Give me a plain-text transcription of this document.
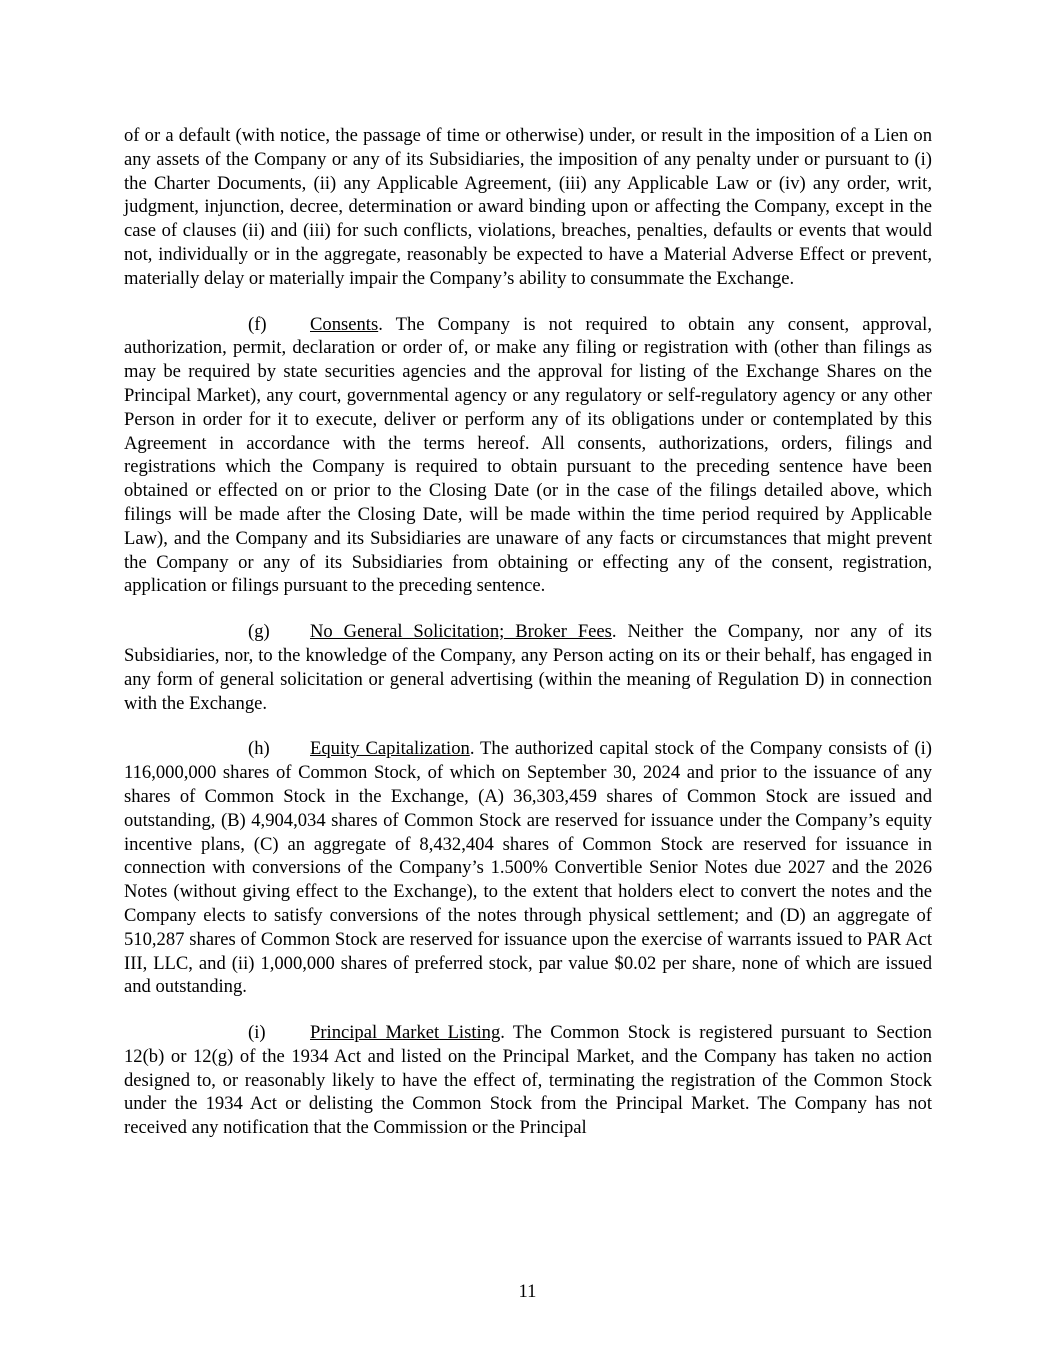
of or a default (with notice, the passage of time or otherwise) under, or result in the imposition of a Lien on any assets of the Company or any of its Subsidiaries, the imposition of any penalty under or pursuant to (i) the Charter Documents, (ii) any Applicable Agreement, (iii) any Applicable Law or (iv) any order, writ, judgment, injunction, decree, determination or award binding upon or affecting the Company, except in the case of clauses (ii) and (iii) for such conflicts, violations, breaches, penalties, defaults or events that would not, individually or in the aggregate, reasonably be expected to have a Material Adverse Effect or prevent, materially delay or materially impair the Company’s ability to consummate the Exchange.

(f) Consents. The Company is not required to obtain any consent, approval, authorization, permit, declaration or order of, or make any filing or registration with (other than filings as may be required by state securities agencies and the approval for listing of the Exchange Shares on the Principal Market), any court, governmental agency or any regulatory or self-regulatory agency or any other Person in order for it to execute, deliver or perform any of its obligations under or contemplated by this Agreement in accordance with the terms hereof. All consents, authorizations, orders, filings and registrations which the Company is required to obtain pursuant to the preceding sentence have been obtained or effected on or prior to the Closing Date (or in the case of the filings detailed above, which filings will be made after the Closing Date, will be made within the time period required by Applicable Law), and the Company and its Subsidiaries are unaware of any facts or circumstances that might prevent the Company or any of its Subsidiaries from obtaining or effecting any of the consent, registration, application or filings pursuant to the preceding sentence.

(g) No General Solicitation; Broker Fees. Neither the Company, nor any of its Subsidiaries, nor, to the knowledge of the Company, any Person acting on its or their behalf, has engaged in any form of general solicitation or general advertising (within the meaning of Regulation D) in connection with the Exchange.

(h) Equity Capitalization. The authorized capital stock of the Company consists of (i) 116,000,000 shares of Common Stock, of which on September 30, 2024 and prior to the issuance of any shares of Common Stock in the Exchange, (A) 36,303,459 shares of Common Stock are issued and outstanding, (B) 4,904,034 shares of Common Stock are reserved for issuance under the Company’s equity incentive plans, (C) an aggregate of 8,432,404 shares of Common Stock are reserved for issuance in connection with conversions of the Company’s 1.500% Convertible Senior Notes due 2027 and the 2026 Notes (without giving effect to the Exchange), to the extent that holders elect to convert the notes and the Company elects to satisfy conversions of the notes through physical settlement; and (D) an aggregate of 510,287 shares of Common Stock are reserved for issuance upon the exercise of warrants issued to PAR Act III, LLC, and (ii) 1,000,000 shares of preferred stock, par value $0.02 per share, none of which are issued and outstanding.

(i) Principal Market Listing. The Common Stock is registered pursuant to Section 12(b) or 12(g) of the 1934 Act and listed on the Principal Market, and the Company has taken no action designed to, or reasonably likely to have the effect of, terminating the registration of the Common Stock under the 1934 Act or delisting the Common Stock from the Principal Market. The Company has not received any notification that the Commission or the Principal

11
